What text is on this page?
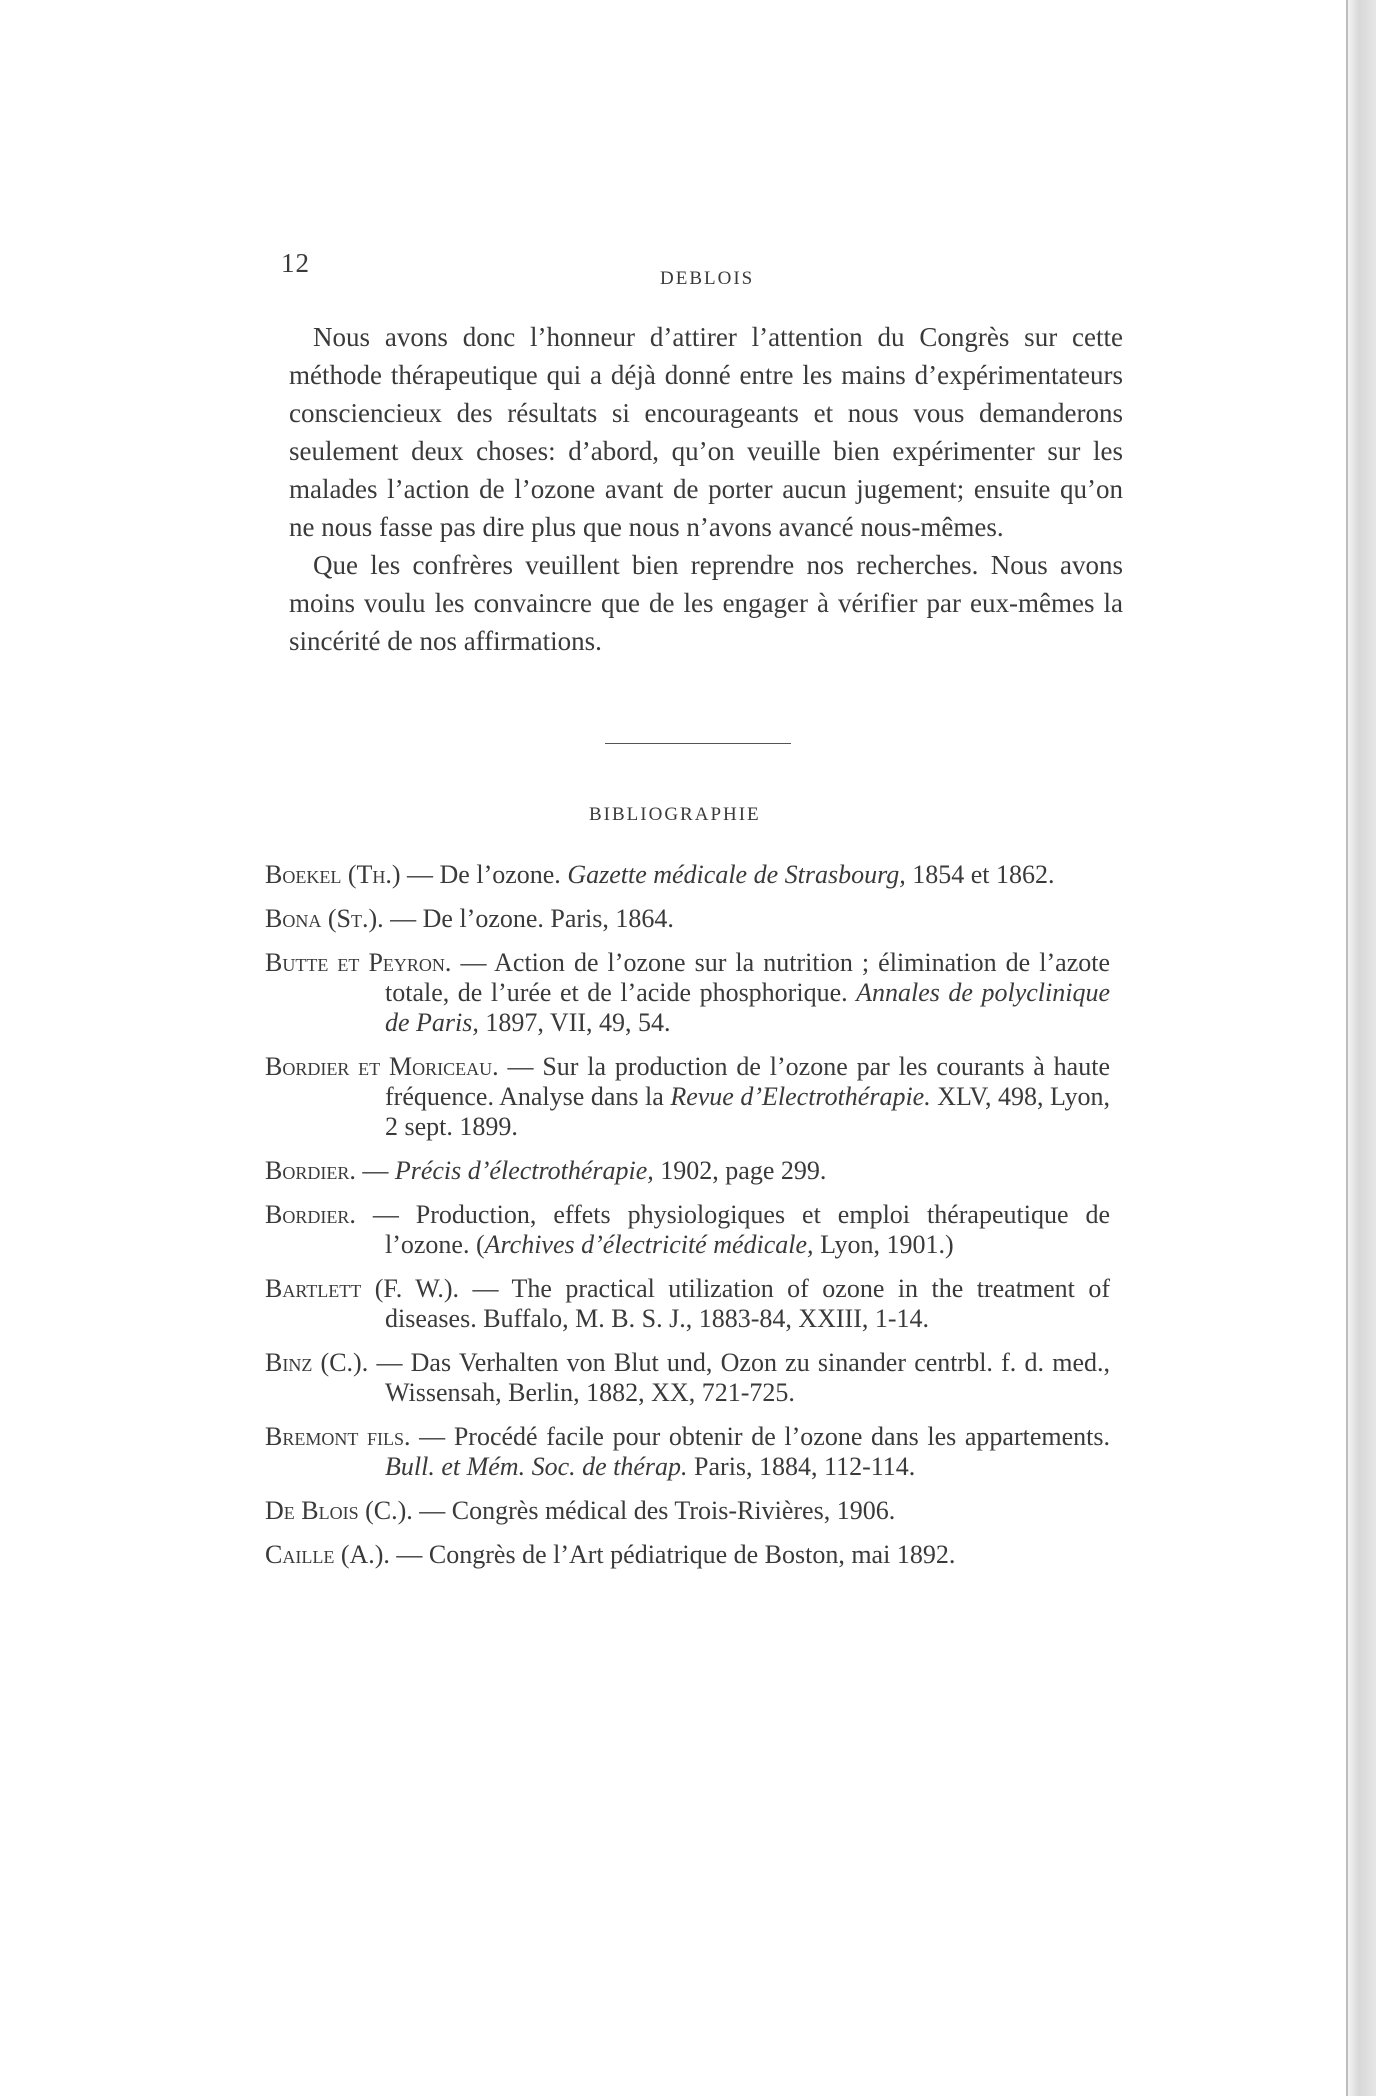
12
DEBLOIS

Nous avons donc l’honneur d’attirer l’attention du Congrès sur cette méthode thérapeutique qui a déjà donné entre les mains d’expérimentateurs consciencieux des résultats si encourageants et nous vous demanderons seulement deux choses: d’abord, qu’on veuille bien expérimenter sur les malades l’action de l’ozone avant de porter aucun jugement; ensuite qu’on ne nous fasse pas dire plus que nous n’avons avancé nous-mêmes.

Que les confrères veuillent bien reprendre nos recherches. Nous avons moins voulu les convaincre que de les engager à vérifier par eux-mêmes la sincérité de nos affirmations.

BIBLIOGRAPHIE
Boekel (Th.) — De l’ozone. Gazette médicale de Strasbourg, 1854 et 1862.
Bona (St.). — De l’ozone. Paris, 1864.
Butte et Peyron. — Action de l’ozone sur la nutrition ; élimination de l’azote totale, de l’urée et de l’acide phosphorique. Annales de polyclinique de Paris, 1897, VII, 49, 54.
Bordier et Moriceau. — Sur la production de l’ozone par les courants à haute fréquence. Analyse dans la Revue d’Electrothérapie. XLV, 498, Lyon, 2 sept. 1899.
Bordier. — Précis d’électrothérapie, 1902, page 299.
Bordier. — Production, effets physiologiques et emploi thérapeutique de l’ozone. (Archives d’électricité médicale, Lyon, 1901.)
Bartlett (F. W.). — The practical utilization of ozone in the treatment of diseases. Buffalo, M. B. S. J., 1883-84, XXIII, 1-14.
Binz (C.). — Das Verhalten von Blut und, Ozon zu sinander centrbl. f. d. med., Wissensah, Berlin, 1882, XX, 721-725.
Bremont fils. — Procédé facile pour obtenir de l’ozone dans les appartements. Bull. et Mém. Soc. de thérap. Paris, 1884, 112-114.
De Blois (C.). — Congrès médical des Trois-Rivières, 1906.
Caille (A.). — Congrès de l’Art pédiatrique de Boston, mai 1892.
